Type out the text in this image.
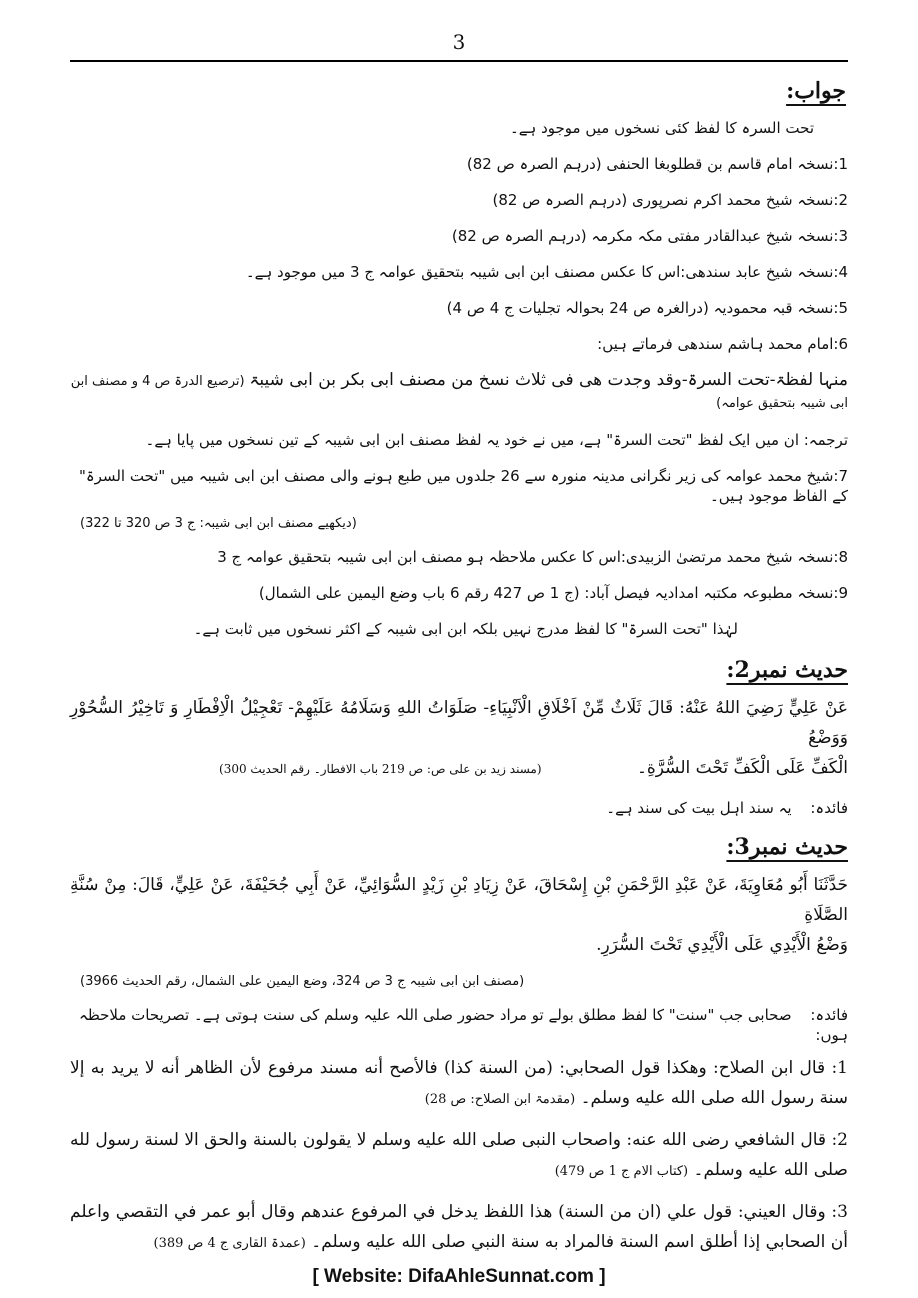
3
جواب:
تحت السرہ کا لفظ کئی نسخوں میں موجود ہے۔
1:نسخہ امام قاسم بن قطلوبغا الحنفی (درہم الصرہ ص 82)
2:نسخہ شیخ محمد اکرم نصرپوری (درہم الصرہ ص 82)
3:نسخہ شیخ عبدالقادر مفتی مکہ مکرمہ (درہم الصرہ ص 82)
4:نسخہ شیخ عابد سندھی:اس کا عکس مصنف ابن ابی شیبہ بتحقیق عوامہ ج 3 میں موجود ہے۔
5:نسخہ قبہ محمودیہ (درالغرہ ص 24 بحوالہ تجلیات ج 4 ص 4)
6:امام محمد ہاشم سندھی فرماتے ہیں:
منہا لفظۃ-تحت السرۃ-وقد وجدت ھی فی ثلاث نسخ من مصنف ابی بکر بن ابی شیبۃ (ترصیع الدرۃ ص 4 و مصنف ابن ابی شیبہ بتحقیق عوامہ)
ترجمہ: ان میں ایک لفظ "تحت السرۃ" ہے، میں نے خود یہ لفظ مصنف ابن ابی شیبہ کے تین نسخوں میں پایا ہے۔
7:شیخ محمد عوامہ کی زیر نگرانی مدینہ منورہ سے 26 جلدوں میں طبع ہونے والی مصنف ابن ابی شیبہ میں "تحت السرۃ" کے الفاظ موجود ہیں۔
(دیکھیے مصنف ابن ابی شیبہ: ج 3 ص 320 تا 322)
8:نسخہ شیخ محمد مرتضیٰ الزبیدی:اس کا عکس ملاحظہ ہو مصنف ابن ابی شیبہ بتحقیق عوامہ ج 3
9:نسخہ مطبوعہ مکتبہ امدادیہ فیصل آباد: (ج 1 ص 427 رقم 6 باب وضع الیمین علی الشمال)
لہٰذا "تحت السرۃ" کا لفظ مدرج نہیں بلکہ ابن ابی شیبہ کے اکثر نسخوں میں ثابت ہے۔
حدیث نمبر2:
عَنْ عَلِيٍّ رَضِيَ اللهُ عَنْهُ: قَالَ ثَلَاثٌ مِّنْ اَخْلَاقِ الْاَنْبِيَاءِ- صَلَوَاتُ اللهِ وَسَلَامُهُ عَلَيْهِمْ- تَعْجِيْلُ الْاِفْطَارِ وَ تَاخِيْرُ السُّحُوْرِ وَوَضْعُ
الْكَفِّ عَلَى الْكَفِّ تَحْتَ السُّرَّةِ۔ (مسند زید بن علی ص: ص 219 باب الافطار۔ رقم الحدیث 300)
فائدہ: یہ سند اہل بیت کی سند ہے۔
حدیث نمبر3:
حَدَّثَنَا أَبُو مُعَاوِيَةَ، عَنْ عَبْدِ الرَّحْمَنِ بْنِ إِسْحَاقَ، عَنْ زِيَادِ بْنِ زَيْدٍ السُّوَائِيِّ، عَنْ أَبِي جُحَيْفَةَ، عَنْ عَلِيٍّ، قَالَ: مِنْ سُنَّةِ الصَّلَاةِ
وَضْعُ الْأَيْدِي عَلَى الْأَيْدِي تَحْتَ السُّرَرِ.
(مصنف ابن ابی شیبہ ج 3 ص 324، وضع الیمین علی الشمال، رقم الحدیث 3966)
فائدہ: صحابی جب "سنت" کا لفظ مطلق بولے تو مراد حضور صلی اللہ علیہ وسلم کی سنت ہوتی ہے۔ تصریحات ملاحظہ ہوں:
1: قال ابن الصلاح: وهكذا قول الصحابي: (من السنة كذا) فالأصح أنه مسند مرفوع لأن الظاهر أنه لا يريد به إلا سنة رسول الله صلى الله عليه وسلم۔ (مقدمۃ ابن الصلاح: ص 28)
2: قال الشافعي رضى الله عنه: واصحاب النبى صلى الله عليه وسلم لا يقولون بالسنة والحق الا لسنة رسول لله صلى الله عليه وسلم۔ (کتاب الام ج 1 ص 479)
3: وقال العيني: قول علي (ان من السنة) هذا اللفظ يدخل في المرفوع عندهم وقال أبو عمر في التقصي واعلم أن الصحابي إذا أطلق اسم السنة فالمراد به سنة النبي صلى الله عليه وسلم۔ (عمدۃ القاری ج 4 ص 389)
[ Website: DifaAhleSunnat.com ]
